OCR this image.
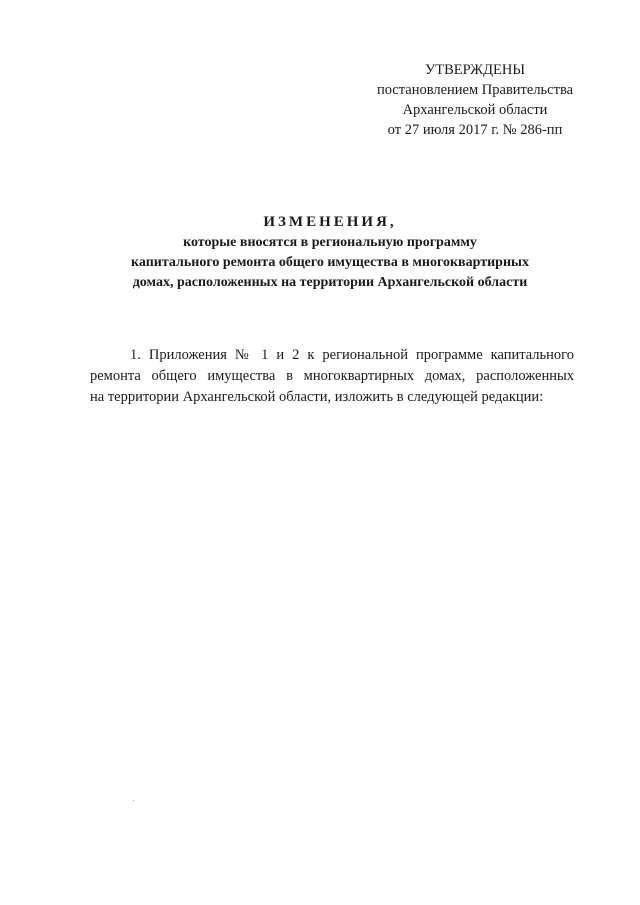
УТВЕРЖДЕНЫ
постановлением Правительства
Архангельской области
от 27 июля 2017 г. № 286-пп
ИЗМЕНЕНИЯ,
которые вносятся в региональную программу
капитального ремонта общего имущества в многоквартирных
домах, расположенных на территории Архангельской области
1. Приложения № 1 и 2 к региональной программе капитального
ремонта общего имущества в многоквартирных домах, расположенных
на территории Архангельской области, изложить в следующей редакции:
